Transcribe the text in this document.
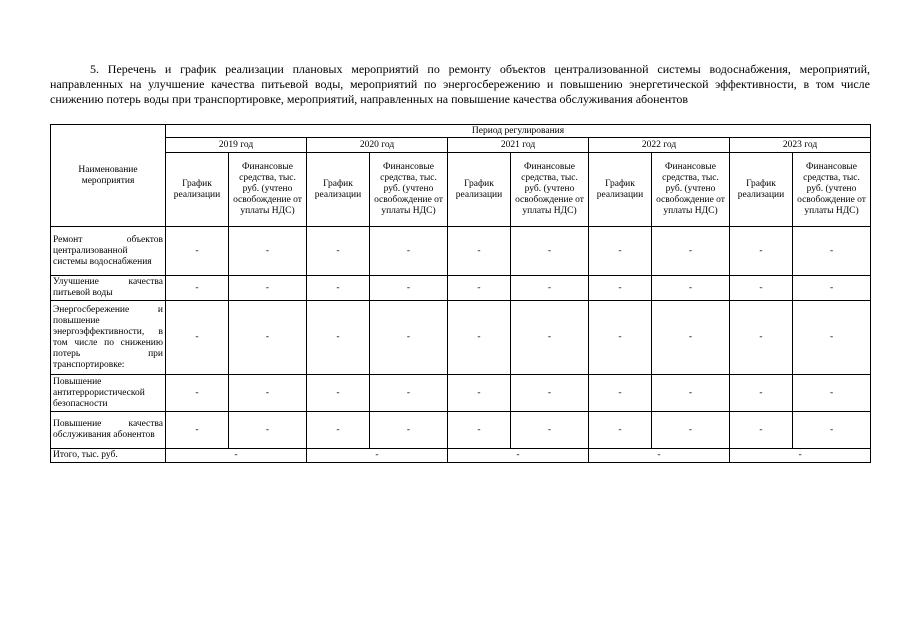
5. Перечень и график реализации плановых мероприятий по ремонту объектов централизованной системы водоснабжения, мероприятий, направленных на улучшение качества питьевой воды, мероприятий по энергосбережению и повышению энергетической эффективности, в том числе снижению потерь воды при транспортировке, мероприятий, направленных на повышение качества обслуживания абонентов
Наименование мероприятия	Период регулирования									
	2019 год		2020 год		2021 год		2022 год		2023 год	
	График реализации	Финансовые средства, тыс. руб. (учтено освобождение от уплаты НДС)	График реализации	Финансовые средства, тыс. руб. (учтено освобождение от уплаты НДС)	График реализации	Финансовые средства, тыс. руб. (учтено освобождение от уплаты НДС)	График реализации	Финансовые средства, тыс. руб. (учтено освобождение от уплаты НДС)	График реализации	Финансовые средства, тыс. руб. (учтено освобождение от уплаты НДС)
Ремонт объектов централизованной системы водоснабжения	-	-	-	-	-	-	-	-	-	-
Улучшение качества питьевой воды	-	-	-	-	-	-	-	-	-	-
Энергосбережение и повышение энергоэффективности, в том числе по снижению потерь при транспортировке:	-	-	-	-	-	-	-	-	-	-
Повышение антитеррористической безопасности	-	-	-	-	-	-	-	-	-	-
Повышение качества обслуживания абонентов	-	-	-	-	-	-	-	-	-	-
Итого, тыс. руб.	-		-		-		-		-	
